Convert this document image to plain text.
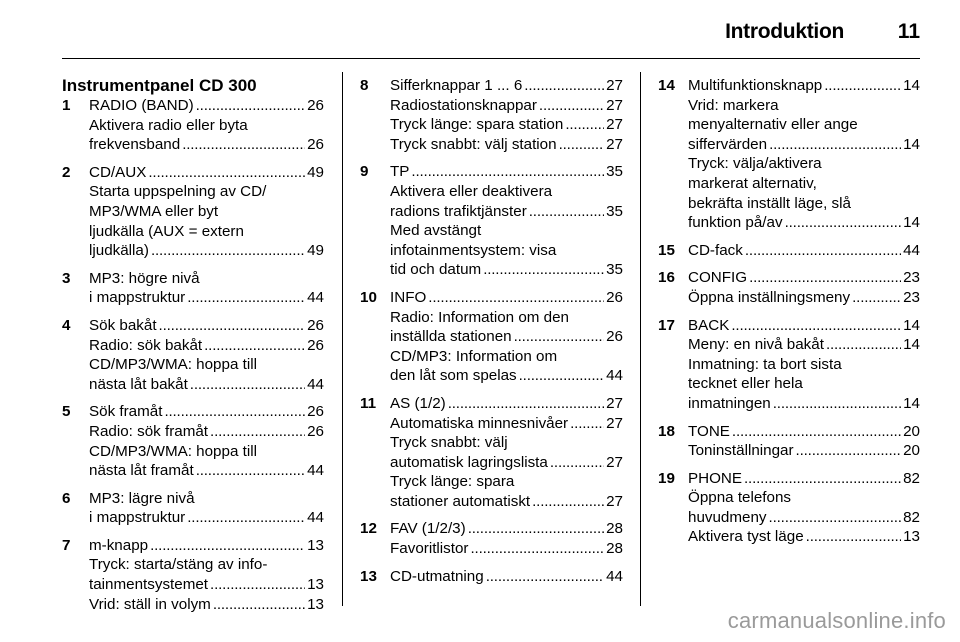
Introduktion	11
Instrumentpanel CD 300
1	RADIO (BAND) . . .	26
Aktivera radio eller byta
frekvensband . . .	26
2	CD/AUX . . .	49
Starta uppspelning av CD/
MP3/WMA eller byt
ljudkälla (AUX = extern
ljudkälla) . . .	49
3	MP3: högre nivå
i mappstruktur . . .	44
4	Sök bakåt . . .	26
Radio: sök bakåt . . .	26
CD/MP3/WMA: hoppa till
nästa låt bakåt . . .	44
5	Sök framåt . . .	26
Radio: sök framåt . . .	26
CD/MP3/WMA: hoppa till
nästa låt framåt . . .	44
6	MP3: lägre nivå
i mappstruktur . . .	44
7	m-knapp . . .	13
Tryck: starta/stäng av info-
tainmentsystemet . . .	13
Vrid: ställ in volym . . .	13
8	Sifferknappar 1 ... 6 . . .	27
Radiostationsknappar . . .	27
Tryck länge: spara station . . .	27
Tryck snabbt: välj station . . .	27
9	TP . . .	35
Aktivera eller deaktivera
radions trafiktjänster . . .	35
Med avstängt
infotainmentsystem: visa
tid och datum . . .	35
10 INFO . . .	26
Radio: Information om den
inställda stationen . . .	26
CD/MP3: Information om
den låt som spelas . . .	44
11 AS (1/2) . . .	27
Automatiska minnesnivåer . . . 27
Tryck snabbt: välj
automatisk lagringslista . . .	27
Tryck länge: spara
stationer automatiskt . . .	27
12 FAV (1/2/3) . . .	28
Favoritlistor . . .	28
13 CD-utmatning . . .	44
14 Multifunktionsknapp . . .	14
Vrid: markera
menyalternativ eller ange
siffervärden . . .	14
Tryck: välja/aktivera
markerat alternativ,
bekräfta inställt läge, slå
funktion på/av . . .	14
15 CD-fack . . .	44
16 CONFIG . . .	23
Öppna inställningsmeny . . .	23
17 BACK . . .	14
Meny: en nivå bakåt . . .	14
Inmatning: ta bort sista
tecknet eller hela
inmatningen . . .	14
18 TONE . . .	20
Toninställningar . . .	20
19 PHONE . . .	82
Öppna telefons
huvudmeny . . .	82
Aktivera tyst läge . . .	13
carmanualsonline.info
